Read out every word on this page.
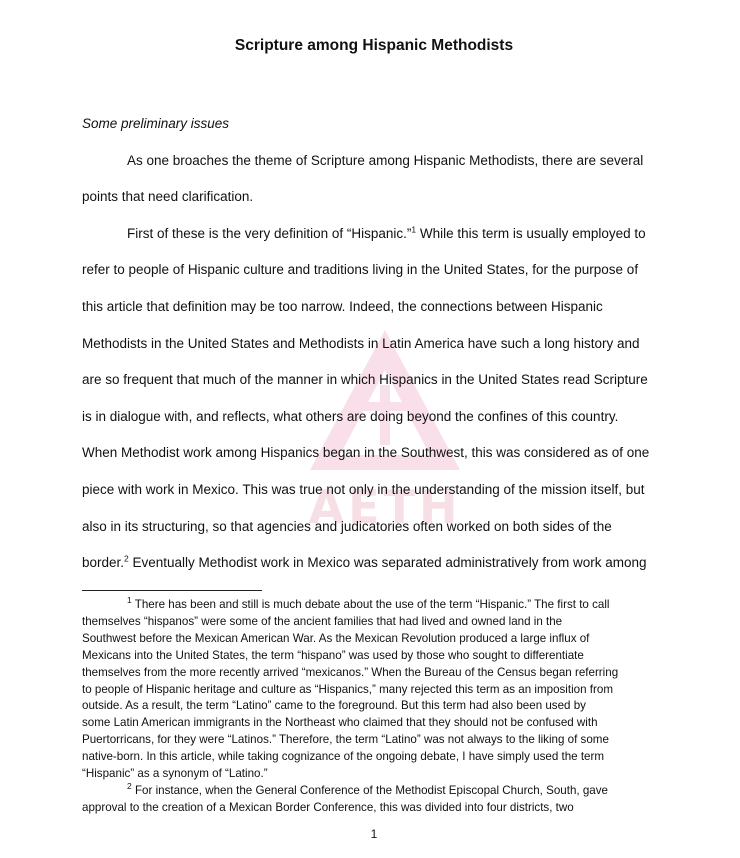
AETH
Scripture among Hispanic Methodists
Some preliminary issues
As one broaches the theme of Scripture among Hispanic Methodists, there are several
points that need clarification.
First of these is the very definition of “Hispanic.”$^1$ While this term is usually employed to
refer to people of Hispanic culture and traditions living in the United States, for the purpose of
this article that definition may be too narrow. Indeed, the connections between Hispanic
Methodists in the United States and Methodists in Latin America have such a long history and
are so frequent that much of the manner in which Hispanics in the United States read Scripture
is in dialogue with, and reflects, what others are doing beyond the confines of this country.
When Methodist work among Hispanics began in the Southwest, this was considered as of one
piece with work in Mexico. This was true not only in the understanding of the mission itself, but
also in its structuring, so that agencies and judicatories often worked on both sides of the
border.$^2$ Eventually Methodist work in Mexico was separated administratively from work among
$^1$ There has been and still is much debate about the use of the term “Hispanic.” The first to call
themselves “hispanos” were some of the ancient families that had lived and owned land in the
Southwest before the Mexican American War. As the Mexican Revolution produced a large influx of
Mexicans into the United States, the term “hispano” was used by those who sought to differentiate
themselves from the more recently arrived “mexicanos.” When the Bureau of the Census began referring
to people of Hispanic heritage and culture as “Hispanics,” many rejected this term as an imposition from
outside. As a result, the term “Latino” came to the foreground. But this term had also been used by
some Latin American immigrants in the Northeast who claimed that they should not be confused with
Puertorricans, for they were “Latinos.” Therefore, the term “Latino” was not always to the liking of some
native-born. In this article, while taking cognizance of the ongoing debate, I have simply used the term
“Hispanic” as a synonym of “Latino.”
$^2$ For instance, when the General Conference of the Methodist Episcopal Church, South, gave
approval to the creation of a Mexican Border Conference, this was divided into four districts, two
1
